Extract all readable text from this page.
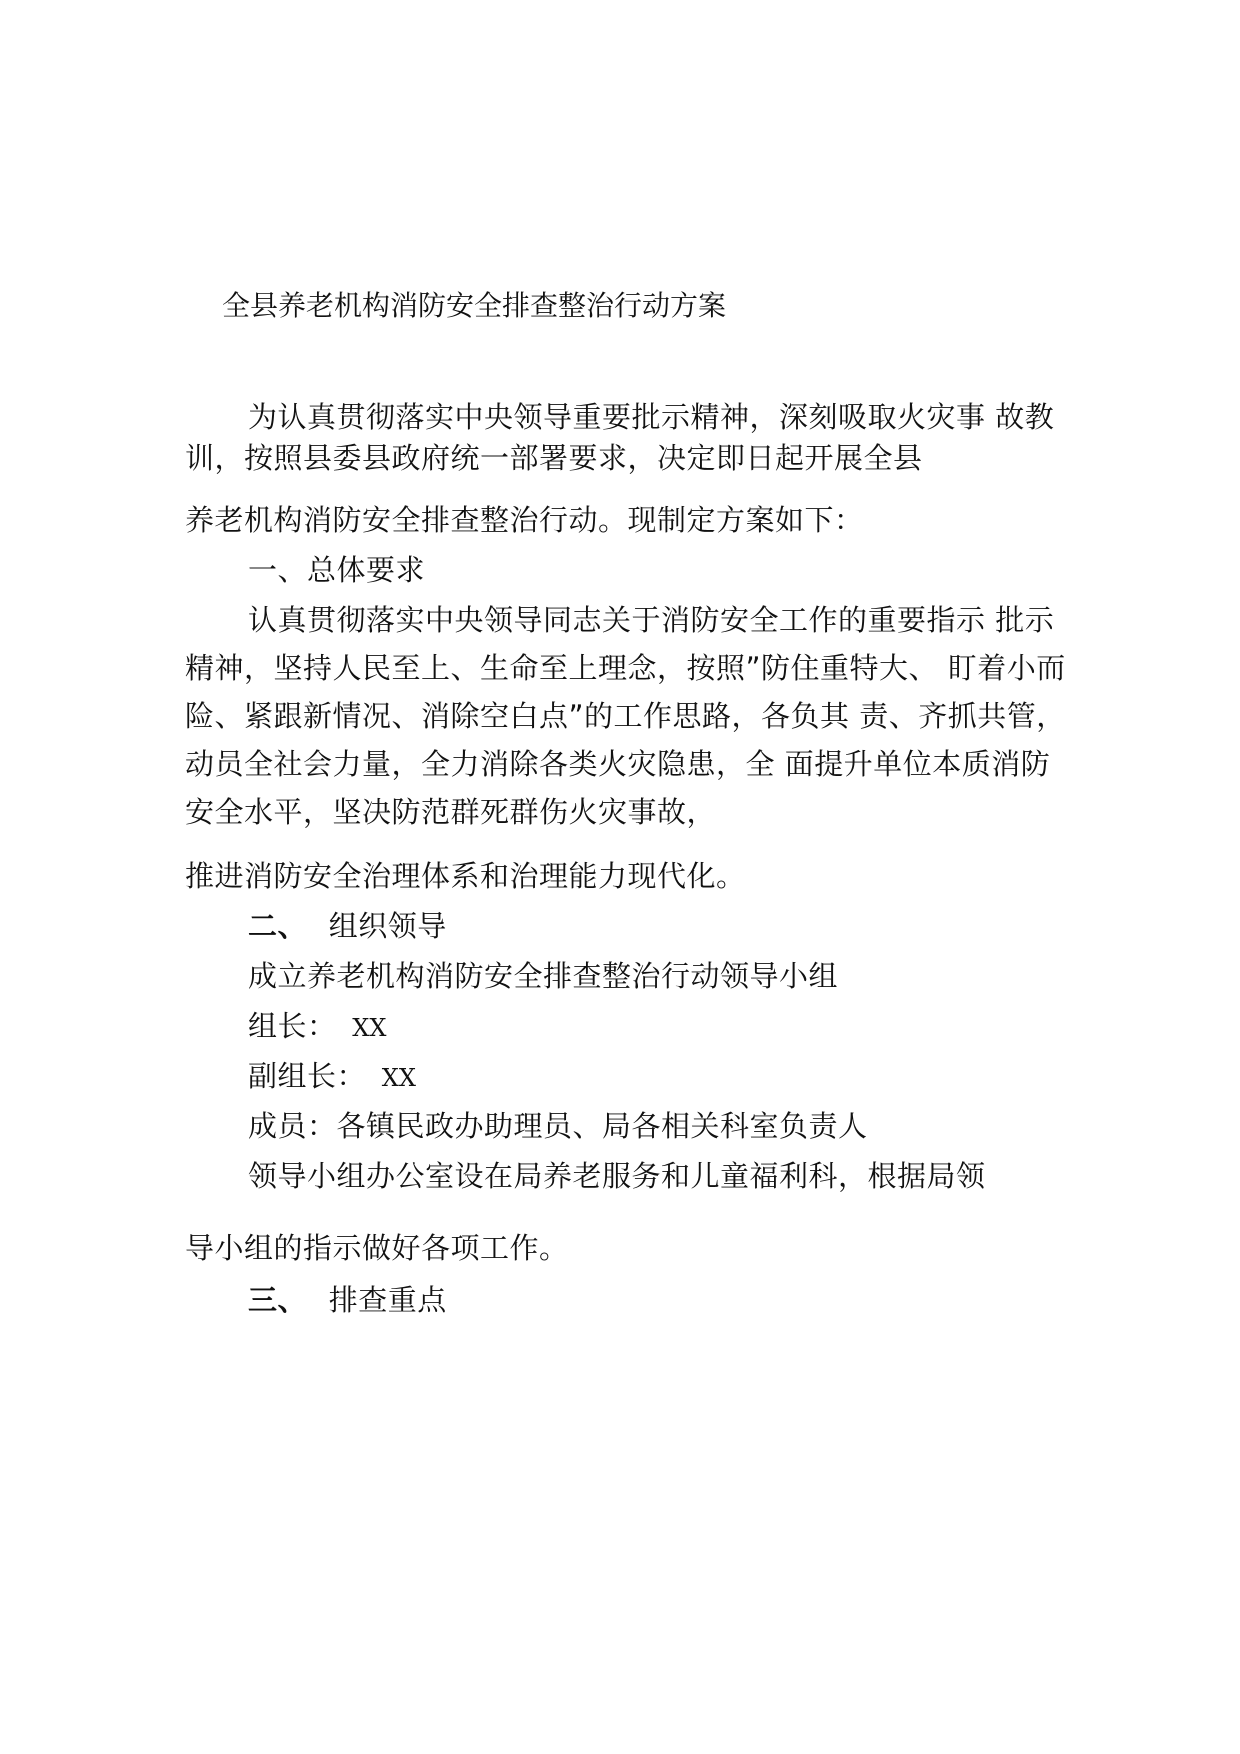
全县养老机构消防安全排查整治行动方案
为认真贯彻落实中央领导重要批示精神，深刻吸取火灾事 故教
训，按照县委县政府统一部署要求，决定即日起开展全县
养老机构消防安全排查整治行动。现制定方案如下：
一、总体要求
认真贯彻落实中央领导同志关于消防安全工作的重要指示 批示
精神，坚持人民至上、生命至上理念，按照”防住重特大、 盯着小而
险、紧跟新情况、消除空白点”的工作思路，各负其 责、齐抓共管，
动员全社会力量，全力消除各类火灾隐患，全 面提升单位本质消防
安全水平，坚决防范群死群伤火灾事故，
推进消防安全治理体系和治理能力现代化。
二、 组织领导
成立养老机构消防安全排查整治行动领导小组
组长： XX
副组长： XX
成员：各镇民政办助理员、局各相关科室负责人
领导小组办公室设在局养老服务和儿童福利科，根据局领
导小组的指示做好各项工作。
三、 排查重点
